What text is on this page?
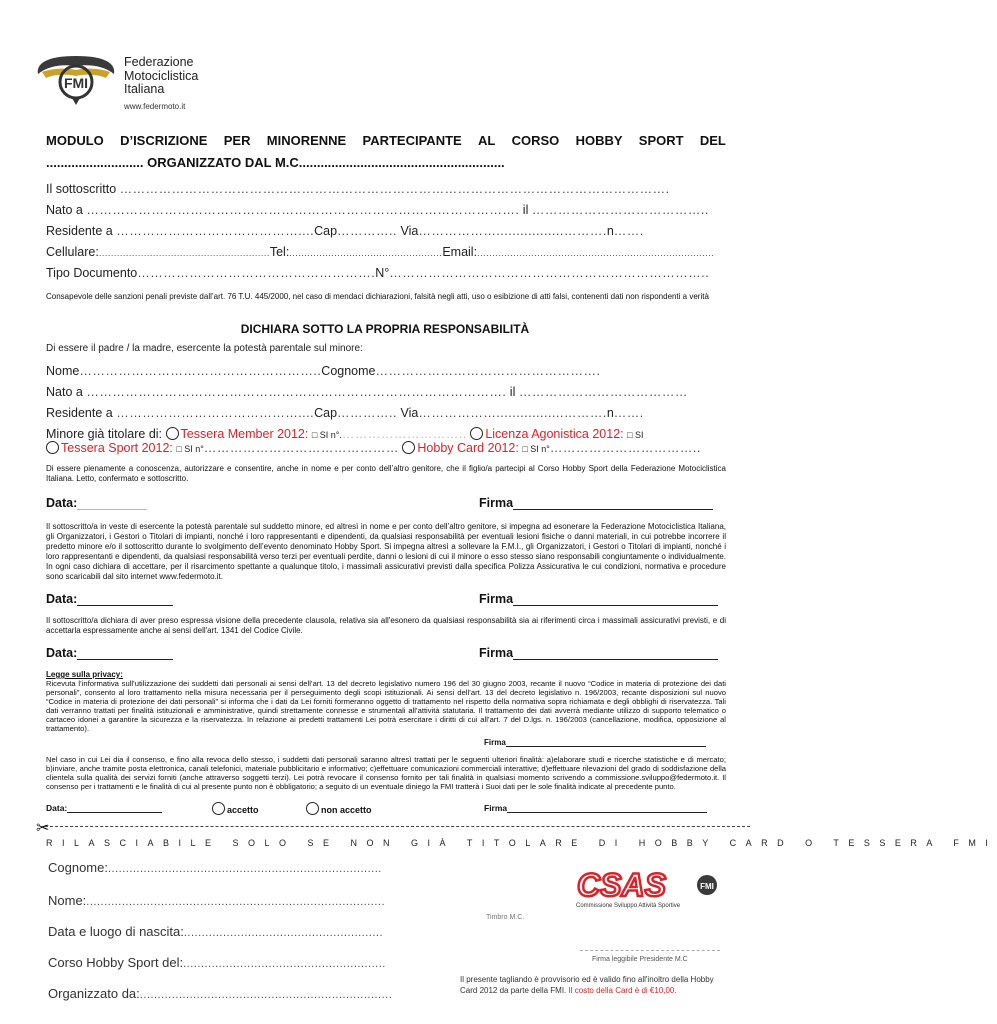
FMI
Federazione
Motociclistica
Italiana
www.federmoto.it
MODULO D’ISCRIZIONE PER MINORENNE PARTECIPANTE AL CORSO HOBBY SPORT DEL
........................... ORGANIZZATO DAL M.C.........................................................
Il sottoscritto ……………………………………………………………………………………………………………….
Nato a ………………………………………………………………………………………. il …………………………………..
Residente a ……………………………………....Cap………….. Via……………….................……….n…….
Cellulare:.........................................................Tel:...................................................Email:...............................................................................
Tipo Documento……………………………………………….N°………………………………………………………………..
Consapevole delle sanzioni penali previste dall’art. 76 T.U. 445/2000, nel caso di mendaci dichiarazioni, falsità negli atti, uso o esibizione di atti falsi, contenenti dati non rispondenti a verità
DICHIARA SOTTO LA PROPRIA RESPONSABILITÀ
Di essere il padre / la madre, esercente la potestà parentale sul minore:
Nome………………………………………………..Cognome…………………………………………….
Nato a ……………………………………………………………………………………. il …………………………………
Residente a ……………………………………....Cap………….. Via……………….................……….n…….
Minore già titolare di: Tessera Member 2012: □ SI n°.……………………….. Licenza Agonistica 2012: □ SI
Tessera Sport 2012: □ SI n°……………………………………… Hobby Card 2012: □ SI n°……………………………..
Di essere pienamente a conoscenza, autorizzare e consentire, anche in nome e per conto dell’altro genitore, che il figlio/a partecipi al Corso Hobby Sport della Federazione Motociclistica Italiana. Letto, confermato e sottoscritto.
Data:	Firma
Il sottoscritto/a in veste di esercente la potestà parentale sul suddetto minore, ed altresì in nome e per conto dell’altro genitore, si impegna ad esonerare la Federazione Motociclistica Italiana, gli Organizzatori, i Gestori o Titolari di impianti, nonché i loro rappresentanti e dipendenti, da qualsiasi responsabilità per eventuali lesioni fisiche o danni materiali, in cui potrebbe incorrere il predetto minore e/o il sottoscritto durante lo svolgimento dell’evento denominato Hobby Sport. Si impegna altresì a sollevare la F.M.I., gli Organizzatori, i Gestori o Titolari di impianti, nonché i loro rappresentanti e dipendenti, da qualsiasi responsabilità verso terzi per eventuali perdite, danni o lesioni di cui il minore o esso stesso siano responsabili congiuntamente o individualmente. In ogni caso dichiara di accettare, per il risarcimento spettante a qualunque titolo, i massimali assicurativi previsti dalla specifica Polizza Assicurativa le cui condizioni, normativa e procedure sono scaricabili dal sito internet www.federmoto.it.
Data:	Firma
Il sottoscritto/a dichiara di aver preso espressa visione della precedente clausola, relativa sia all'esonero da qualsiasi responsabilità sia ai riferimenti circa i massimali assicurativi previsti, e di accettarla espressamente anche ai sensi dell'art. 1341 del Codice Civile.
Data:	Firma
Legge sulla privacy:
Ricevuta l’informativa sull’utilizzazione dei suddetti dati personali ai sensi dell’art. 13 del decreto legislativo numero 196 del 30 giugno 2003, recante il nuovo “Codice in materia di protezione dei dati personali”, consento al loro trattamento nella misura necessaria per il perseguimento degli scopi istituzionali. Ai sensi dell’art. 13 del decreto legislativo n. 196/2003, recante disposizioni sul nuovo “Codice in materia di protezione dei dati personali” si informa che i dati da Lei forniti formeranno oggetto di trattamento nel rispetto della normativa sopra richiamata e degli obblighi di riservatezza. Tali dati verranno trattati per finalità istituzionali e amministrative, quindi strettamente connesse e strumentali all’attività statutaria. Il trattamento dei dati avverrà mediante utilizzo di supporto telematico o cartaceo idonei a garantire la sicurezza e la riservatezza. In relazione ai predetti trattamenti Lei potrà esercitare i diritti di cui all’art. 7 del D.lgs. n. 196/2003 (cancellazione, modifica, opposizione al trattamento).
Firma
Nel caso in cui Lei dia il consenso, e fino alla revoca dello stesso, i suddetti dati personali saranno altresì trattati per le seguenti ulteriori finalità: a)elaborare studi e ricerche statistiche e di mercato; b)inviare, anche tramite posta elettronica, canali telefonici, materiale pubblicitario e informativo; c)effettuare comunicazioni commerciali interattive; d)effettuare rilevazioni del grado di soddisfazione della clientela sulla qualità dei servizi forniti (anche attraverso soggetti terzi). Lei potrà revocare il consenso fornito per tali finalità in qualsiasi momento scrivendo a commissione.sviluppo@federmoto.it. Il consenso per i trattamenti e le finalità di cui al presente punto non è obbligatorio; a seguito di un eventuale diniego la FMI tratterà i Suoi dati per le sole finalità indicate al precedente punto.
Data:	accetto	non accetto	Firma
✂
RILASCIABILE SOLO SE NON GIÀ TITOLARE DI HOBBY CARD O TESSERA FMI
Cognome:.............................................................................
Nome:....................................................................................
Data e luogo di nascita:........................................................
Corso Hobby Sport del:.........................................................
Organizzato da:.......................................................................
CSAS	FMI
Commissione Sviluppo Attività Sportive
Timbro M.C.
Firma leggibile Presidente M.C
Il presente tagliando è provvisorio ed è valido fino all'inoltro della Hobby Card 2012 da parte della FMI. Il costo della Card è di €10,00.
